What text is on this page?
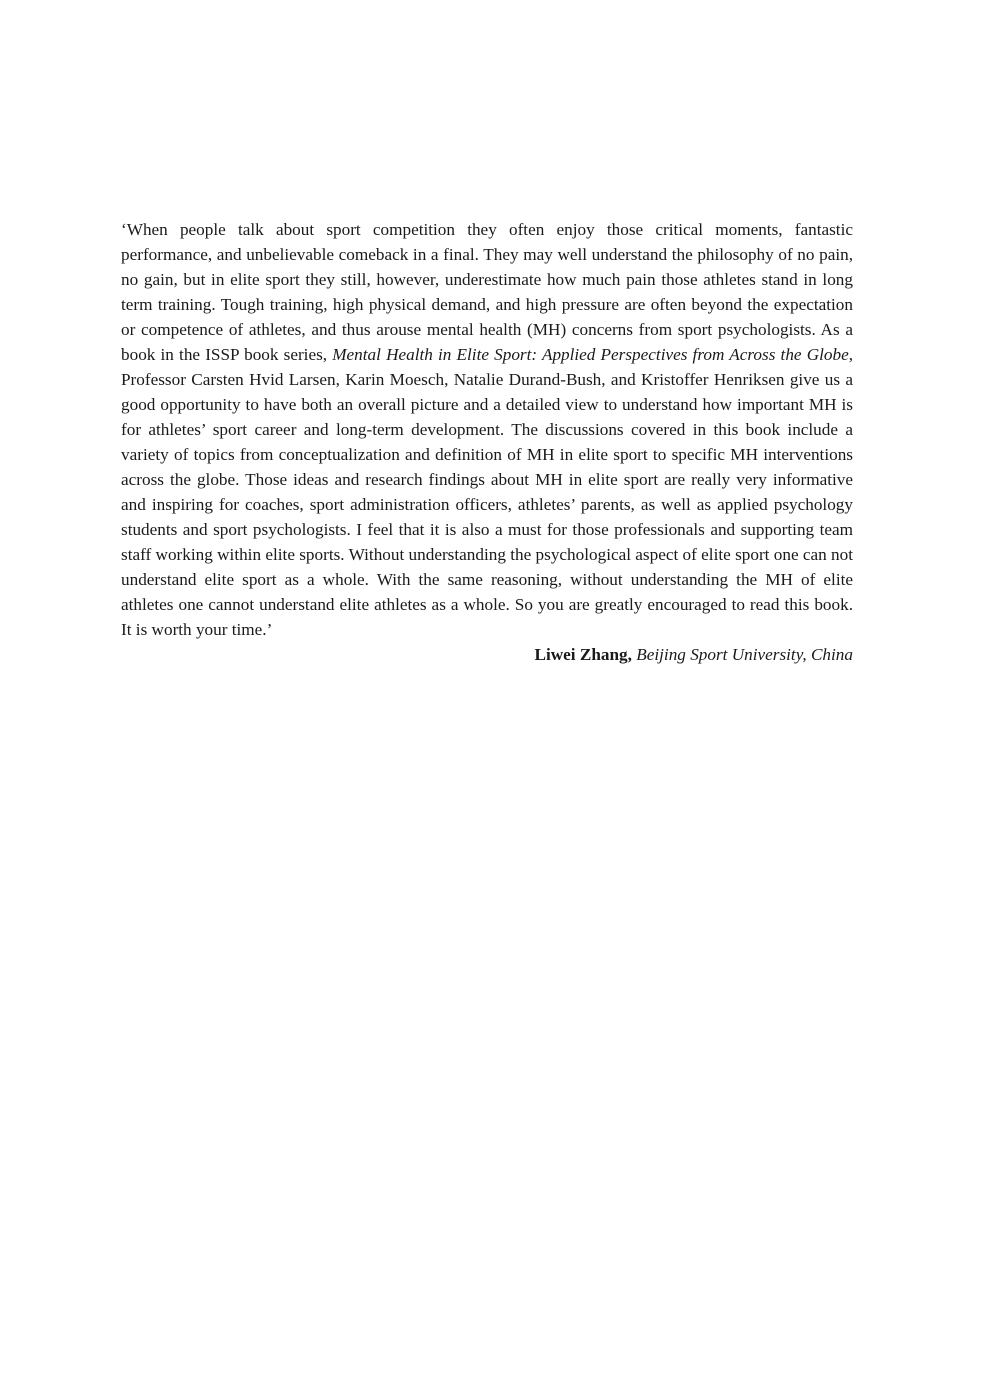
‘When people talk about sport competition they often enjoy those critical moments, fantastic performance, and unbelievable comeback in a final. They may well understand the philosophy of no pain, no gain, but in elite sport they still, however, underestimate how much pain those athletes stand in long term training. Tough training, high physical demand, and high pressure are often beyond the expectation or competence of athletes, and thus arouse mental health (MH) concerns from sport psychologists. As a book in the ISSP book series, Mental Health in Elite Sport: Applied Perspectives from Across the Globe, Professor Carsten Hvid Larsen, Karin Moesch, Natalie Durand-Bush, and Kristoffer Henriksen give us a good opportunity to have both an overall picture and a detailed view to understand how important MH is for athletes’ sport career and long-term development. The discussions covered in this book include a variety of topics from conceptualization and definition of MH in elite sport to specific MH interventions across the globe. Those ideas and research findings about MH in elite sport are really very informative and inspiring for coaches, sport administration officers, athletes’ parents, as well as applied psychology students and sport psychologists. I feel that it is also a must for those professionals and supporting team staff working within elite sports. Without understanding the psychological aspect of elite sport one can not understand elite sport as a whole. With the same reasoning, without understanding the MH of elite athletes one cannot understand elite athletes as a whole. So you are greatly encouraged to read this book. It is worth your time.’

Liwei Zhang, Beijing Sport University, China
